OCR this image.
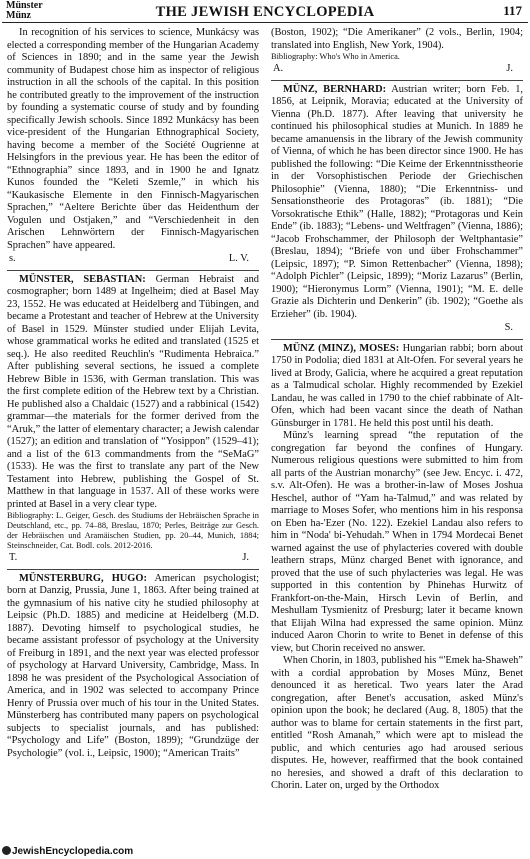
Münster
Münz	THE JEWISH ENCYCLOPEDIA	117

In recognition of his services to science, Munkácsy was elected a corresponding member of the Hungarian Academy of Sciences in 1890; and in the same year the Jewish community of Budapest chose him as inspector of religious instruction in all the schools of the capital. In this position he contributed greatly to the improvement of the instruction by founding a systematic course of study and by founding specifically Jewish schools. Since 1892 Munkácsy has been vice-president of the Hungarian Ethnographical Society, having become a member of the Société Ougrienne at Helsingfors in the previous year. He has been the editor of “Ethnographia” since 1893, and in 1900 he and Ignatz Kunos founded the “Keleti Szemle,” in which his “Kaukasische Elemente in den Finnisch-Magyarischen Sprachen,” “Aeltere Berichte über das Heidenthum der Vogulen und Ostjaken,” and “Verschiedenheit in den Arischen Lehnwörtern der Finnisch-Magyarischen Sprachen” have appeared.

s.	L. V.

MÜNSTER, SEBASTIAN: German Hebraist and cosmographer; born 1489 at Ingelheim; died at Basel May 23, 1552. He was educated at Heidelberg and Tübingen, and became a Protestant and teacher of Hebrew at the University of Basel in 1529. Münster studied under Elijah Levita, whose grammatical works he edited and translated (1525 et seq.). He also reedited Reuchlin's “Rudimenta Hebraica.” After publishing several sections, he issued a complete Hebrew Bible in 1536, with German translation. This was the first complete edition of the Hebrew text by a Christian. He published also a Chaldaic (1527) and a rabbinical (1542) grammar—the materials for the former derived from the “Aruk,” the latter of elementary character; a Jewish calendar (1527); an edition and translation of “Yosippon” (1529–41); and a list of the 613 commandments from the “SeMaG” (1533). He was the first to translate any part of the New Testament into Hebrew, publishing the Gospel of St. Matthew in that language in 1537. All of these works were printed at Basel in a very clear type.

Bibliography: L. Geiger, Gesch. des Studiums der Hebräischen Sprache in Deutschland, etc., pp. 74–88, Breslau, 1870; Perles, Beiträge zur Gesch. der Hebräischen und Aramäischen Studien, pp. 20–44, Munich, 1884; Steinschneider, Cat. Bodl. cols. 2012-2016.

T.	J.

MÜNSTERBURG, HUGO: American psychologist; born at Danzig, Prussia, June 1, 1863. After being trained at the gymnasium of his native city he studied philosophy at Leipsic (Ph.D. 1885) and medicine at Heidelberg (M.D. 1887). Devoting himself to psychological studies, he became assistant professor of psychology at the University of Freiburg in 1891, and the next year was elected professor of psychology at Harvard University, Cambridge, Mass. In 1898 he was president of the Psychological Association of America, and in 1902 was selected to accompany Prince Henry of Prussia over much of his tour in the United States. Münsterberg has contributed many papers on psychological subjects to specialist journals, and has published: “Psychology and Life” (Boston, 1899); “Grundzüge der Psychologie” (vol. i., Leipsic, 1900); “American Traits”

(Boston, 1902); “Die Amerikaner” (2 vols., Berlin, 1904; translated into English, New York, 1904).

Bibliography: Who's Who in America.

A.	J.

MÜNZ, BERNHARD: Austrian writer; born Feb. 1, 1856, at Leipnik, Moravia; educated at the University of Vienna (Ph.D. 1877). After leaving that university he continued his philosophical studies at Munich. In 1889 he became amanuensis in the library of the Jewish community of Vienna, of which he has been director since 1900. He has published the following: “Die Keime der Erkenntnisstheorie in der Vorsophistischen Periode der Griechischen Philosophie” (Vienna, 1880); “Die Erkenntniss- und Sensationstheorie des Protagoras” (ib. 1881); “Die Vorsokratische Ethik” (Halle, 1882); “Protagoras und Kein Ende” (ib. 1883); “Lebens- und Weltfragen” (Vienna, 1886); “Jacob Frohschammer, der Philosoph der Weltphantasie” (Breslau, 1894); “Briefe von und über Frohschammer” (Leipsic, 1897); “P. Simon Rettenbacher” (Vienna, 1898); “Adolph Pichler” (Leipsic, 1899); “Moriz Lazarus” (Berlin, 1900); “Hieronymus Lorm” (Vienna, 1901); “M. E. delle Grazie als Dichterin und Denkerin” (ib. 1902); “Goethe als Erzieher” (ib. 1904).

S.

MÜNZ (MINZ), MOSES: Hungarian rabbi; born about 1750 in Podolia; died 1831 at Alt-Ofen. For several years he lived at Brody, Galicia, where he acquired a great reputation as a Talmudical scholar. Highly recommended by Ezekiel Landau, he was called in 1790 to the chief rabbinate of Alt-Ofen, which had been vacant since the death of Nathan Günsburger in 1781. He held this post until his death.

Münz's learning spread “the reputation of the congregation far beyond the confines of Hungary. Numerous religious questions were submitted to him from all parts of the Austrian monarchy” (see Jew. Encyc. i. 472, s.v. Alt-Ofen). He was a brother-in-law of Moses Joshua Heschel, author of “Yam ha-Talmud,” and was related by marriage to Moses Sofer, who mentions him in his responsa on Eben ha-'Ezer (No. 122). Ezekiel Landau also refers to him in “Noda' bi-Yehudah.” When in 1794 Mordecai Benet warned against the use of phylacteries covered with double leathern straps, Münz charged Benet with ignorance, and proved that the use of such phylacteries was legal. He was supported in this contention by Phinehas Hurwitz of Frankfort-on-the-Main, Hirsch Levin of Berlin, and Meshullam Tysmienitz of Presburg; later it became known that Elijah Wilna had expressed the same opinion. Münz induced Aaron Chorin to write to Benet in defense of this view, but Chorin received no answer.

When Chorin, in 1803, published his “'Emek ha-Shaweh” with a cordial approbation by Moses Münz, Benet denounced it as heretical. Two years later the Arad congregation, after Benet's accusation, asked Münz's opinion upon the book; he declared (Aug. 8, 1805) that the author was to blame for certain statements in the first part, entitled “Rosh Amanah,” which were apt to mislead the public, and which centuries ago had aroused serious disputes. He, however, reaffirmed that the book contained no heresies, and showed a draft of this declaration to Chorin. Later on, urged by the Orthodox

JewishEncyclopedia.com
